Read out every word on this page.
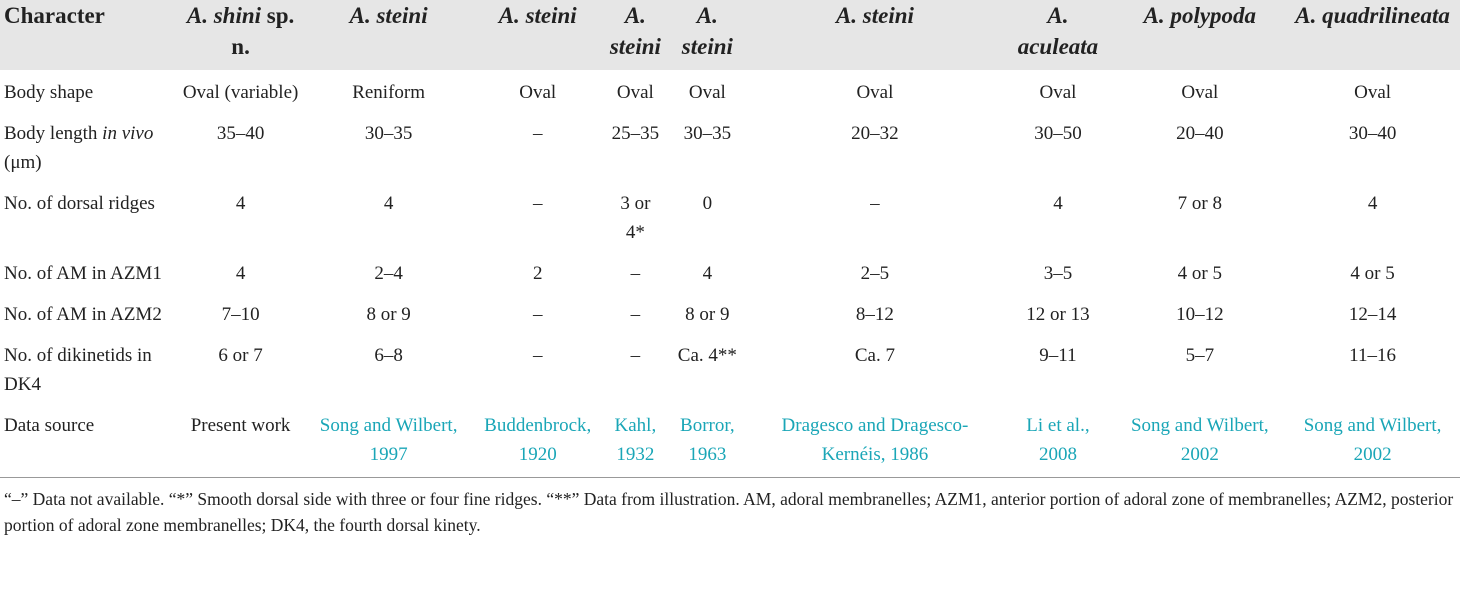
Character	A. shini sp. n.	A. steini	A. steini	A. steini	A. steini	A. steini	A. aculeata	A. polypoda	A. quadrilineata
Body shape	Oval (variable)	Reniform	Oval	Oval	Oval	Oval	Oval	Oval	Oval
Body length in vivo (μm)	35–40	30–35	–	25–35	30–35	20–32	30–50	20–40	30–40
No. of dorsal ridges	4	4	–	3 or 4*	0	–	4	7 or 8	4
No. of AM in AZM1	4	2–4	2	–	4	2–5	3–5	4 or 5	4 or 5
No. of AM in AZM2	7–10	8 or 9	–	–	8 or 9	8–12	12 or 13	10–12	12–14
No. of dikinetids in DK4	6 or 7	6–8	–	–	Ca. 4**	Ca. 7	9–11	5–7	11–16
Data source	Present work	Song and Wilbert, 1997	Buddenbrock, 1920	Kahl, 1932	Borror, 1963	Dragesco and Dragesco-Kernéis, 1986	Li et al., 2008	Song and Wilbert, 2002	Song and Wilbert, 2002
“–” Data not available. “*” Smooth dorsal side with three or four fine ridges. “**” Data from illustration. AM, adoral membranelles; AZM1, anterior portion of adoral zone of membranelles; AZM2, posterior portion of adoral zone membranelles; DK4, the fourth dorsal kinety.
